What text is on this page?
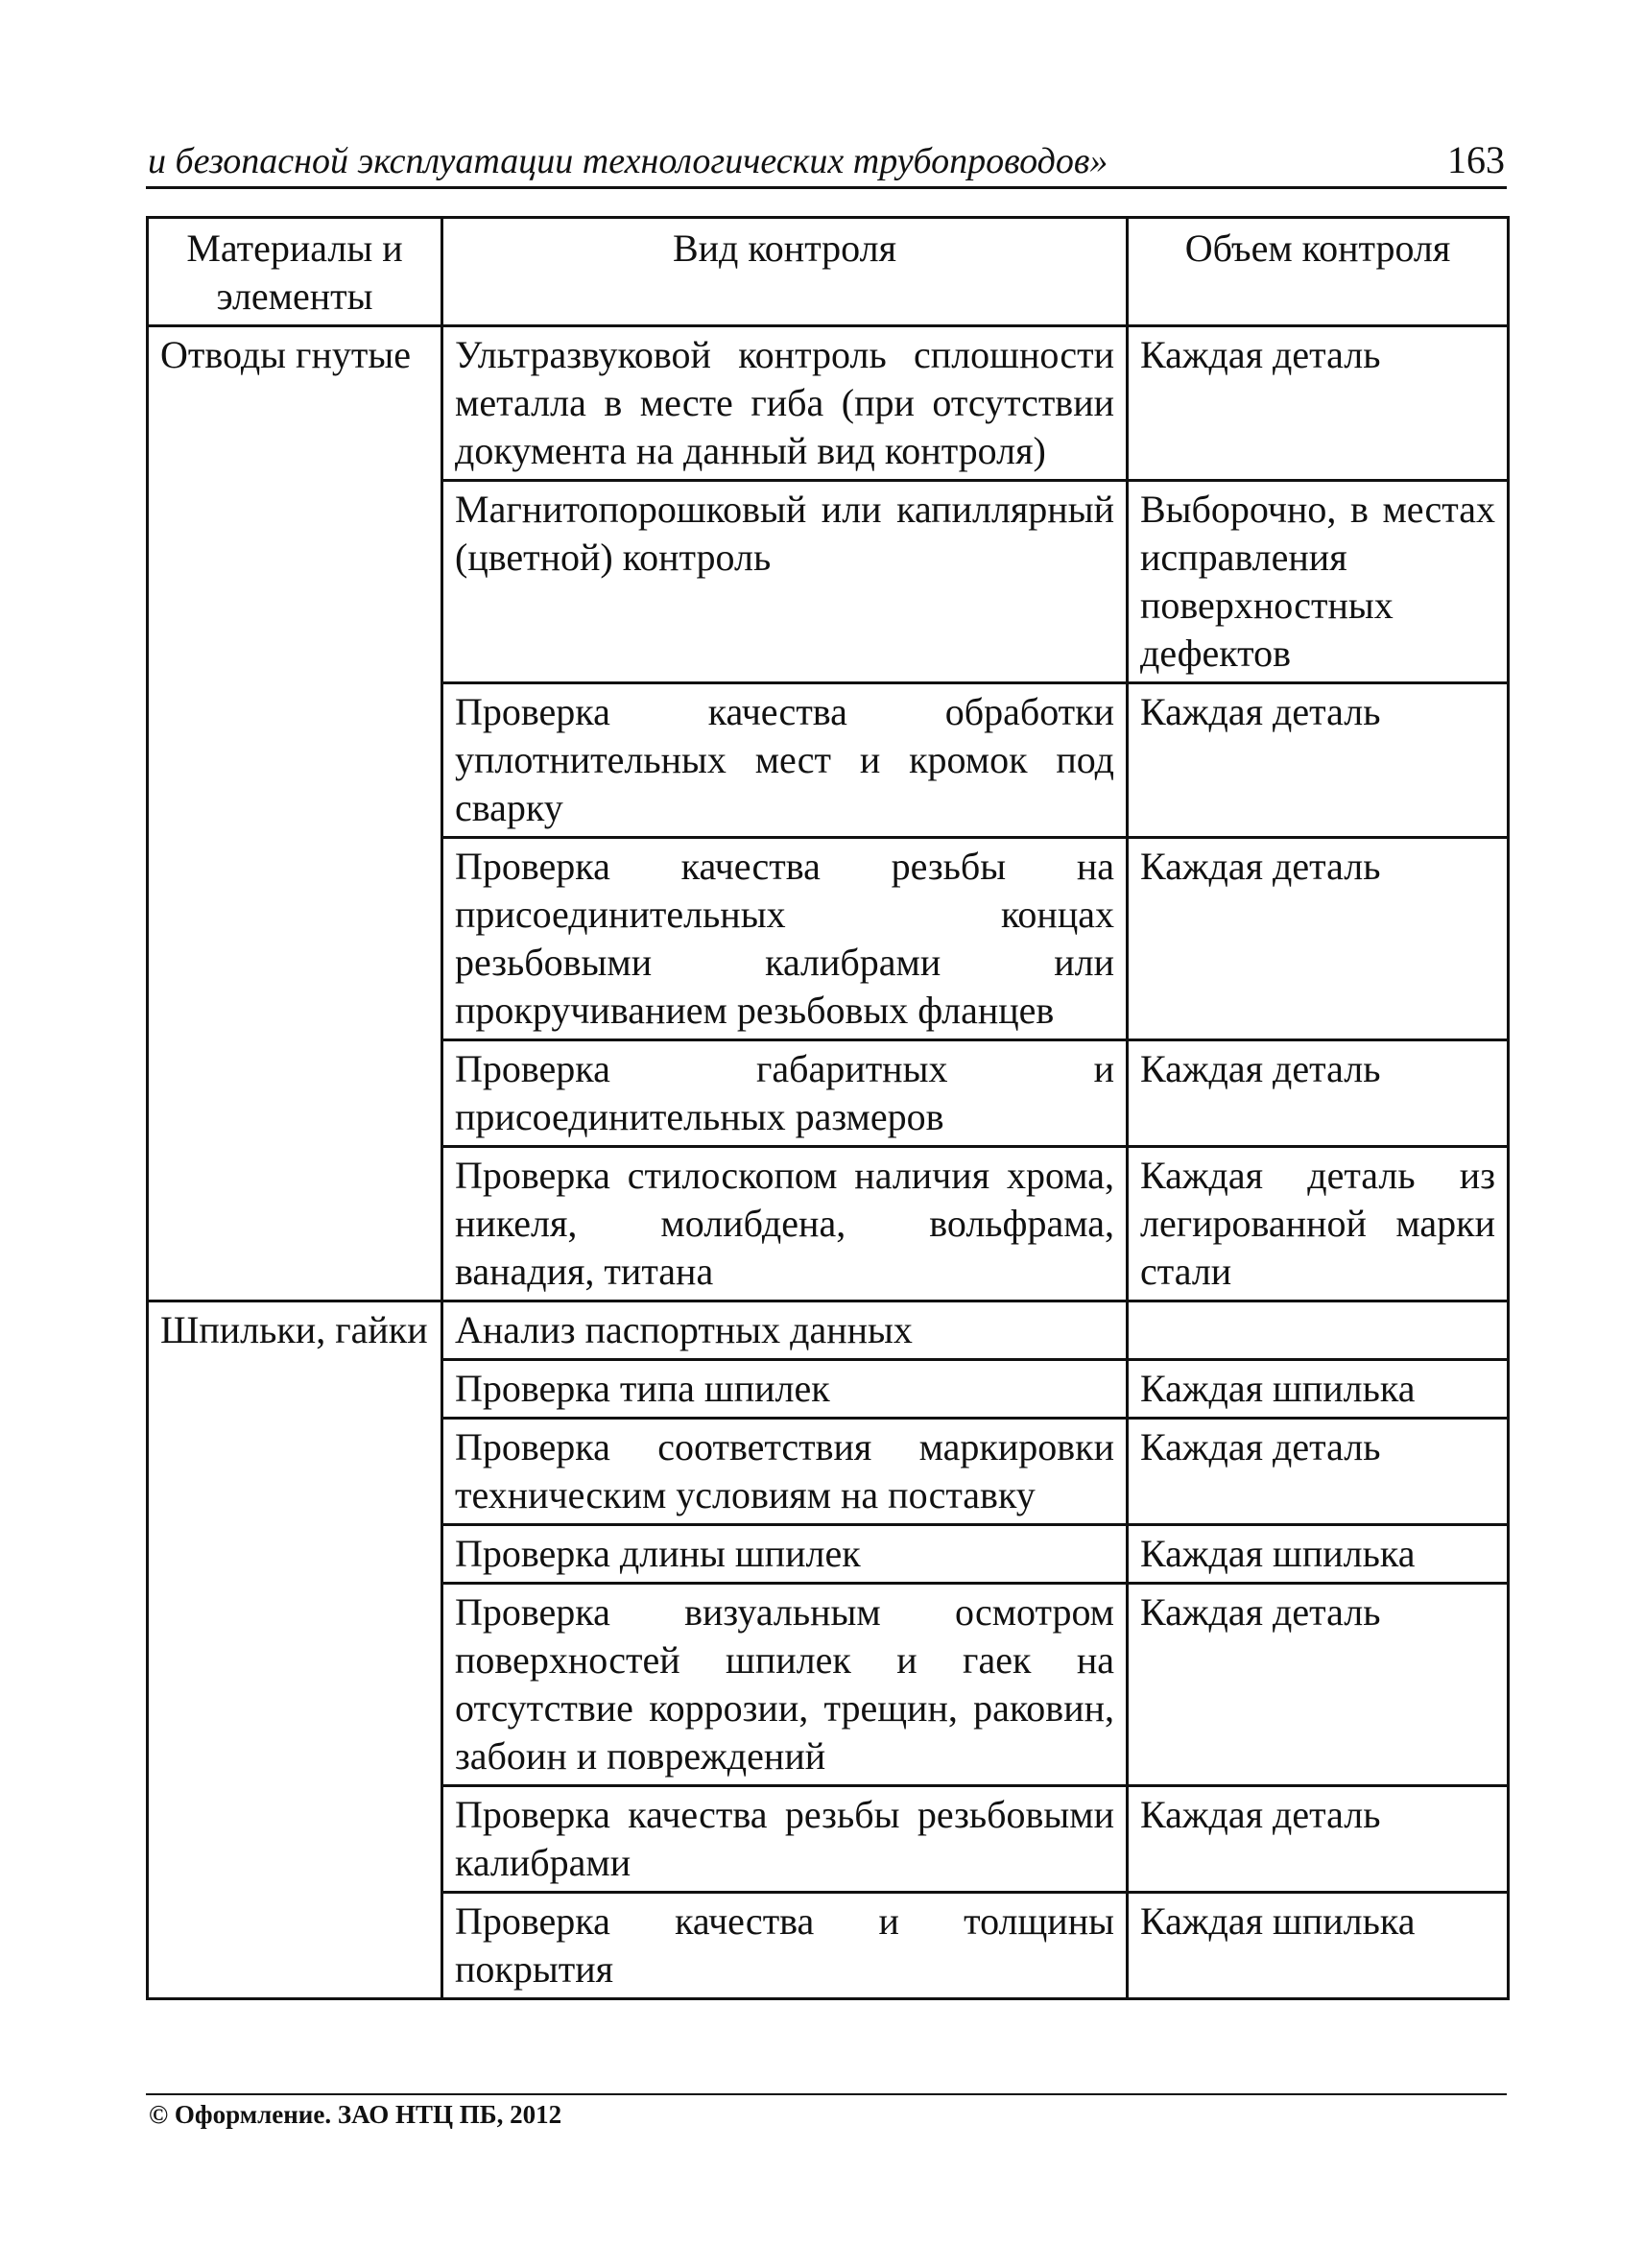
и безопасной эксплуатации технологических трубопроводов»	163
Материалы и элементы	Вид контроля	Объем контроля
Отводы гнутые	Ультразвуковой контроль сплошности металла в месте гиба (при отсутствии документа на данный вид контроля)	Каждая деталь
	Магнитопорошковый или капиллярный (цветной) контроль	Выборочно, в местах исправления поверхностных дефектов
	Проверка качества обработки уплотнительных мест и кромок под сварку	Каждая деталь
	Проверка качества резьбы на присоединительных концах резьбовыми калибрами или прокручиванием резьбовых фланцев	Каждая деталь
	Проверка габаритных и присоединительных размеров	Каждая деталь
	Проверка стилоскопом наличия хрома, никеля, молибдена, вольфрама, ванадия, титана	Каждая деталь из легированной марки стали
Шпильки, гайки	Анализ паспортных данных	
	Проверка типа шпилек	Каждая шпилька
	Проверка соответствия маркировки техническим условиям на поставку	Каждая деталь
	Проверка длины шпилек	Каждая шпилька
	Проверка визуальным осмотром поверхностей шпилек и гаек на отсутствие коррозии, трещин, раковин, забоин и повреждений	Каждая деталь
	Проверка качества резьбы резьбовыми калибрами	Каждая деталь
	Проверка качества и толщины покрытия	Каждая шпилька
© Оформление. ЗАО НТЦ ПБ, 2012
